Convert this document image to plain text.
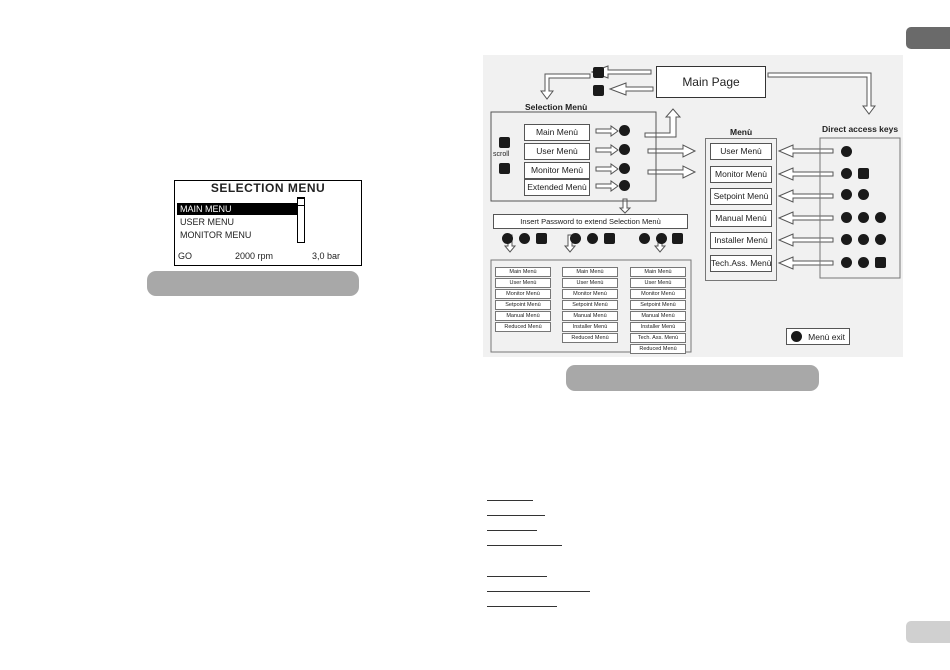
SELECTION MENU
MAIN MENU
USER MENU
MONITOR MENU
GO	2000 rpm	3,0 bar
Main Page
Selection Menù
scroll
Main Menù
User Menù
Monitor Menù
Extended Menù
Insert Password to extend Selection Menù
Main Menù
User Menù
Monitor Menù
Setpoint Menù
Manual Menù
Reduced Menù
Main Menù
User Menù
Monitor Menù
Setpoint Menù
Manual Menù
Installer Menù
Reduced Menù
Main Menù
User Menù
Monitor Menù
Setpoint Menù
Manual Menù
Installer Menù
Tech. Ass. Menù
Reduced Menù
Menù
User Menù
Monitor Menù
Setpoint Menù
Manual Menù
Installer Menù
Tech.Ass. Menù
Direct access keys
Menù exit
